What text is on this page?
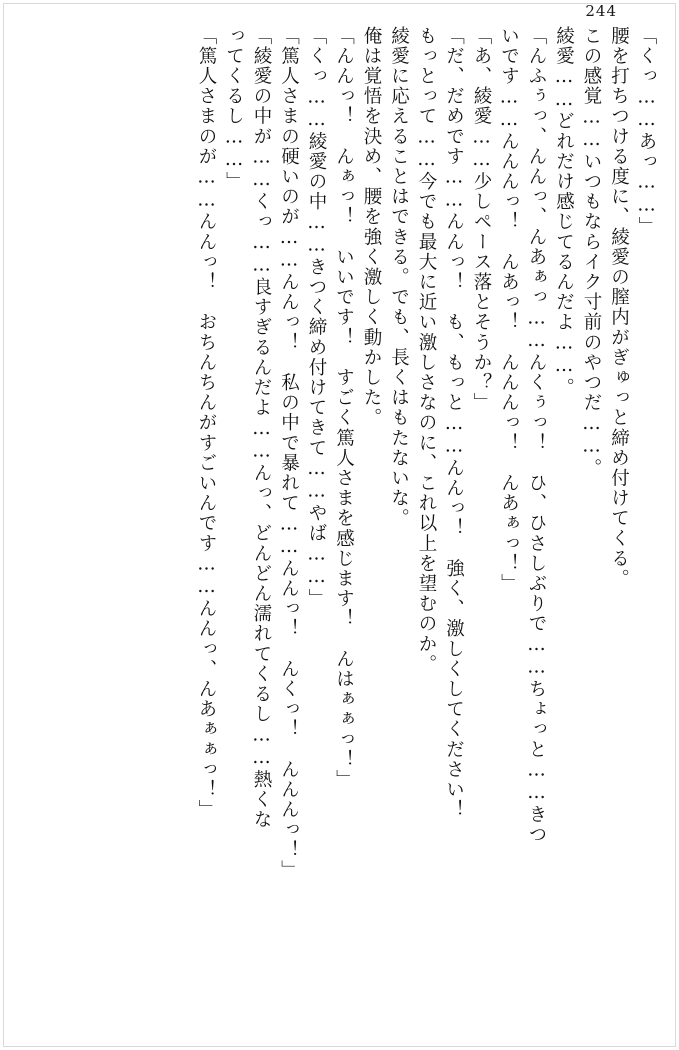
244
「くっ……あっ……」
腰を打ちつける度に、綾愛の膣内がぎゅっと締め付けてくる。
この感覚……いつもならイク寸前のやつだ……。
綾愛……どれだけ感じてるんだよ……。
「んふぅっ、んんっ、んあぁっ……んくぅっ！　ひ、ひさしぶりで……ちょっと……きつ
いです……んんんっ！　んあっ！　んんんっ！　んあぁっ！」
「あ、綾愛……少しペース落とそうか？」
「だ、だめです……んんっ！　も、もっと……んんっ！　強く、激しくしてください！
もっとって……今でも最大に近い激しさなのに、これ以上を望むのか。
綾愛に応えることはできる。でも、長くはもたないな。
俺は覚悟を決め、腰を強く激しく動かした。
「んんっ！　んぁっ！　いいです！　すごく篤人さまを感じます！　んはぁぁっ！」
「くっ……綾愛の中……きつく締め付けてきて……やば……」
「篤人さまの硬いのが……んんっ！　私の中で暴れて……んんっ！　んくっ！　んんんっ！」
「綾愛の中が……くっ……良すぎるんだよ……んっ、どんどん濡れてくるし……熱くな
ってくるし……」
「篤人さまのが……んんっ！　おちんちんがすごいんです……んんっ、んあぁぁっ！」
